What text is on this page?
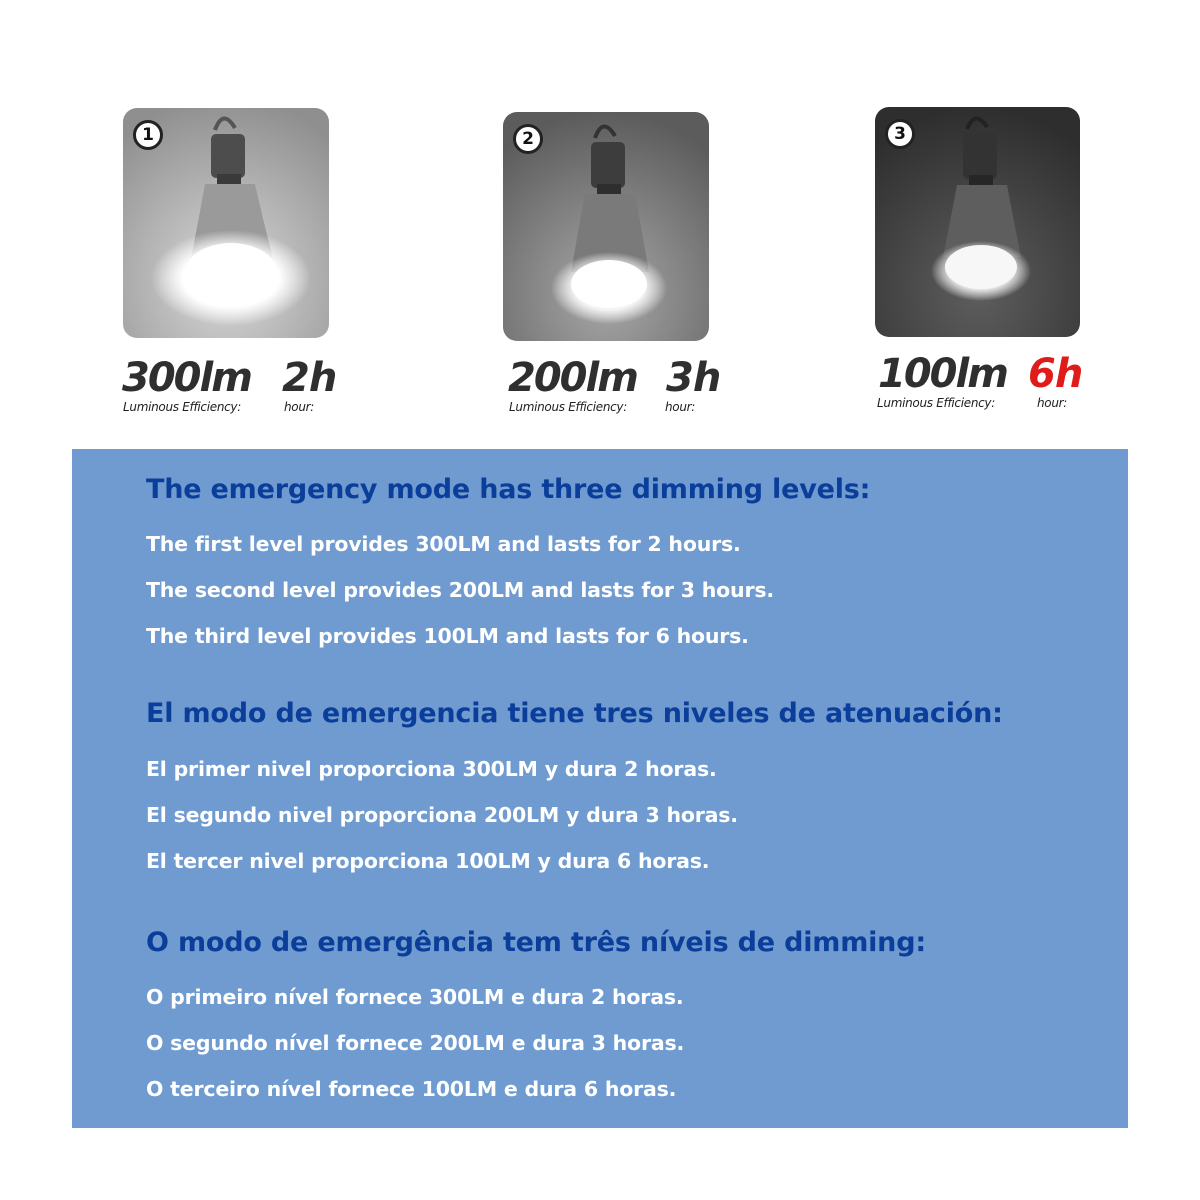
1
300lm
Luminous Efficiency:
2h
hour:
2
200lm
Luminous Efficiency:
3h
hour:
3
100lm
Luminous Efficiency:
6h
hour:
The emergency mode has three dimming levels:
The first level provides 300LM and lasts for 2 hours.
The second level provides 200LM and lasts for 3 hours.
The third level provides 100LM and lasts for 6 hours.
El modo de emergencia tiene tres niveles de atenuación:
El primer nivel proporciona 300LM y dura 2 horas.
El segundo nivel proporciona 200LM y dura 3 horas.
El tercer nivel proporciona 100LM y dura 6 horas.
O modo de emergência tem três níveis de dimming:
O primeiro nível fornece 300LM e dura 2 horas.
O segundo nível fornece 200LM e dura 3 horas.
O terceiro nível fornece 100LM e dura 6 horas.
